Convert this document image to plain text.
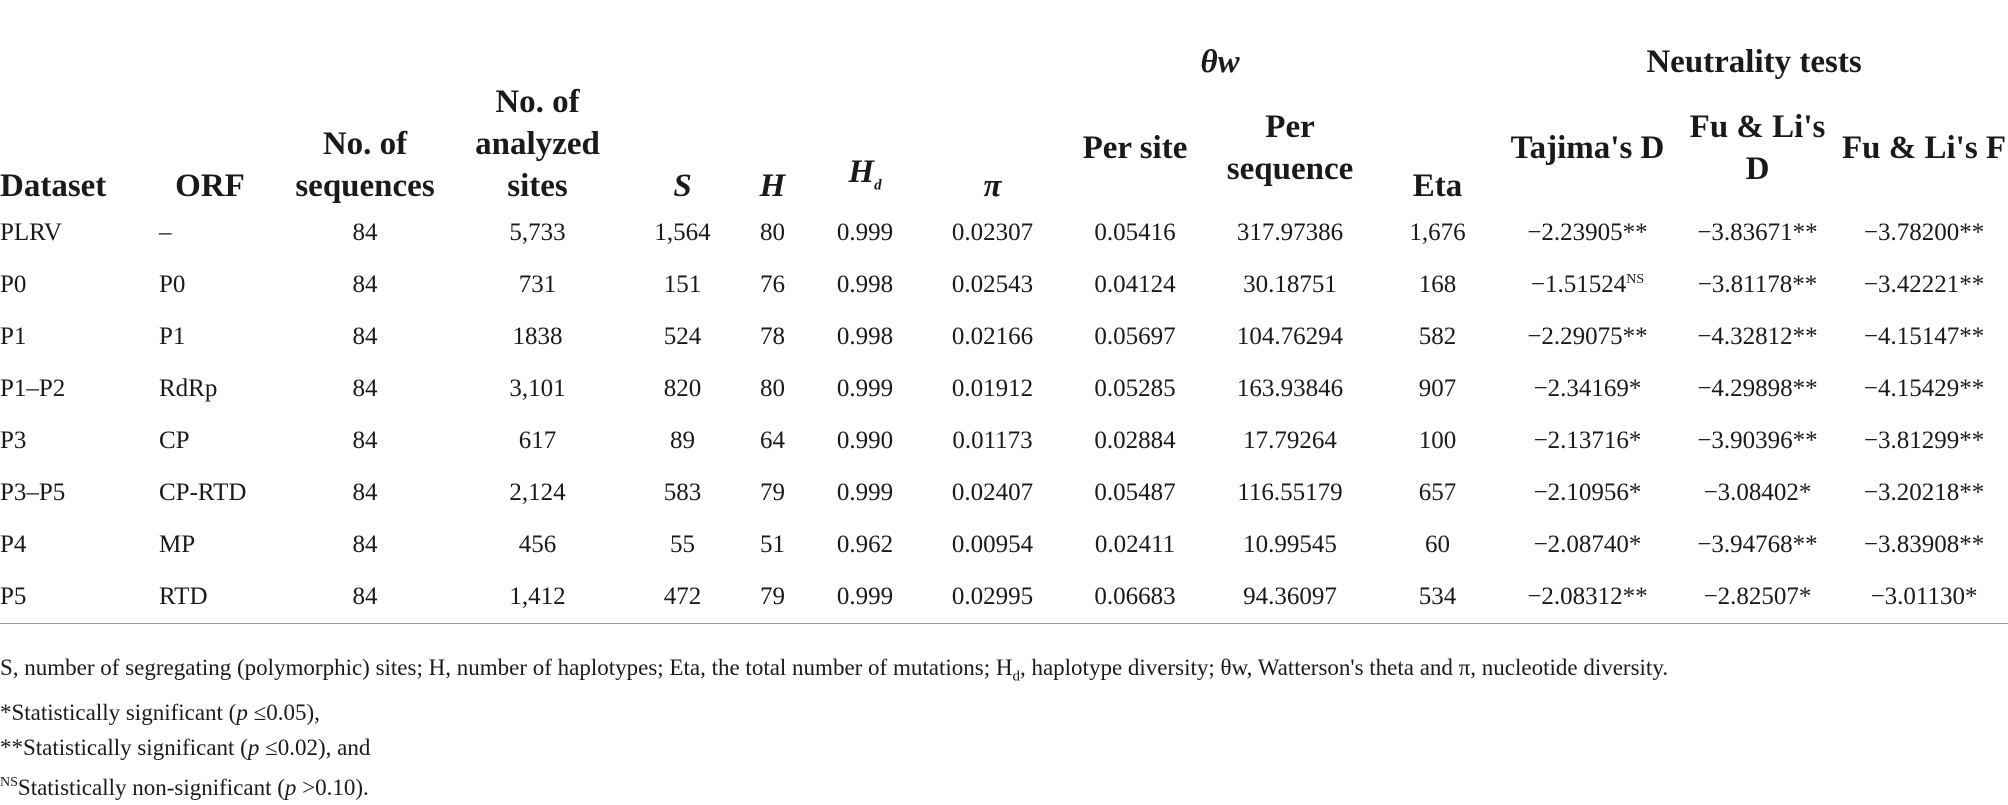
Dataset	ORF	No. of sequences	No. of analyzed sites	S	H	$H_d$	π	θw		Eta	Neutrality tests		
								Per site	Per sequence		Tajima's D	Fu & Li's D	Fu & Li's F
PLRV	–	84	5,733	1,564	80	0.999	0.02307	0.05416	317.97386	1,676	−2.23905**	−3.83671**	−3.78200**
P0	P0	84	731	151	76	0.998	0.02543	0.04124	30.18751	168	$-1.51524^{NS}$	−3.81178**	−3.42221**
P1	P1	84	1838	524	78	0.998	0.02166	0.05697	104.76294	582	−2.29075**	−4.32812**	−4.15147**
P1–P2	RdRp	84	3,101	820	80	0.999	0.01912	0.05285	163.93846	907	−2.34169*	−4.29898**	−4.15429**
P3	CP	84	617	89	64	0.990	0.01173	0.02884	17.79264	100	−2.13716*	−3.90396**	−3.81299**
P3–P5	CP-RTD	84	2,124	583	79	0.999	0.02407	0.05487	116.55179	657	−2.10956*	−3.08402*	−3.20218**
P4	MP	84	456	55	51	0.962	0.00954	0.02411	10.99545	60	−2.08740*	−3.94768**	−3.83908**
P5	RTD	84	1,412	472	79	0.999	0.02995	0.06683	94.36097	534	−2.08312**	−2.82507*	−3.01130*
S, number of segregating (polymorphic) sites; H, number of haplotypes; Eta, the total number of mutations; $H_d$, haplotype diversity; θw, Watterson's theta and π, nucleotide diversity.
*Statistically significant (p ≤0.05),
**Statistically significant (p ≤0.02), and
$^{NS}$Statistically non-significant (p >0.10).
